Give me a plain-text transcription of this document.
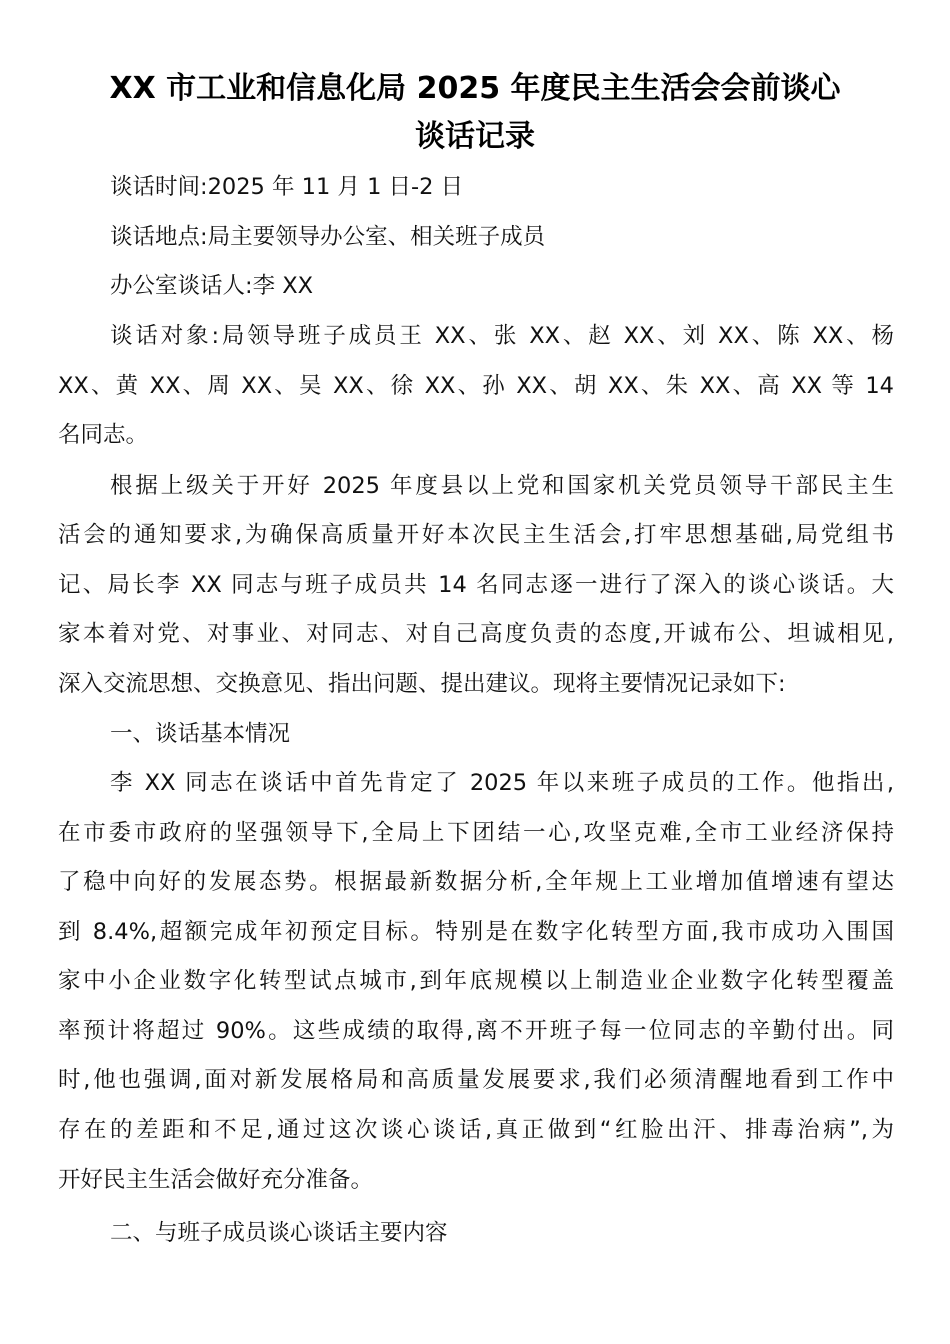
XX 市工业和信息化局 2025 年度民主生活会会前谈心
谈话记录
谈话时间:2025 年 11 月 1 日-2 日
谈话地点:局主要领导办公室、相关班子成员
办公室谈话人:李 XX
谈话对象:局领导班子成员王 XX、张 XX、赵 XX、刘 XX、陈 XX、杨
XX、黄 XX、周 XX、吴 XX、徐 XX、孙 XX、胡 XX、朱 XX、高 XX 等 14
名同志。
根据上级关于开好 2025 年度县以上党和国家机关党员领导干部民主生
活会的通知要求,为确保高质量开好本次民主生活会,打牢思想基础,局党组书
记、局长李 XX 同志与班子成员共 14 名同志逐一进行了深入的谈心谈话。大
家本着对党、对事业、对同志、对自己高度负责的态度,开诚布公、坦诚相见,
深入交流思想、交换意见、指出问题、提出建议。现将主要情况记录如下:
一、谈话基本情况
李 XX 同志在谈话中首先肯定了 2025 年以来班子成员的工作。他指出,
在市委市政府的坚强领导下,全局上下团结一心,攻坚克难,全市工业经济保持
了稳中向好的发展态势。根据最新数据分析,全年规上工业增加值增速有望达
到 8.4%,超额完成年初预定目标。特别是在数字化转型方面,我市成功入围国
家中小企业数字化转型试点城市,到年底规模以上制造业企业数字化转型覆盖
率预计将超过 90%。这些成绩的取得,离不开班子每一位同志的辛勤付出。同
时,他也强调,面对新发展格局和高质量发展要求,我们必须清醒地看到工作中
存在的差距和不足,通过这次谈心谈话,真正做到“红脸出汗、排毒治病”,为
开好民主生活会做好充分准备。
二、与班子成员谈心谈话主要内容
